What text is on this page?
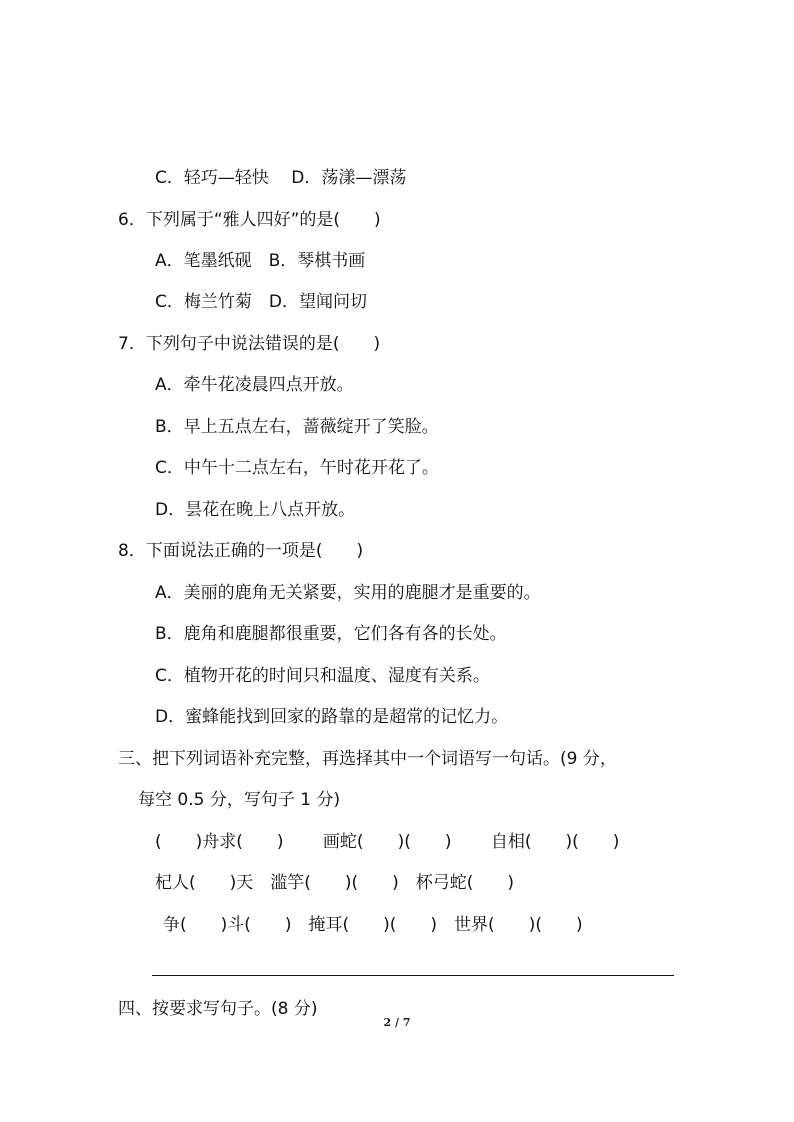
C．轻巧—轻快　 D．荡漾—漂荡
6．下列属于“雅人四好”的是(　　)
A．笔墨纸砚　B．琴棋书画
C．梅兰竹菊　D．望闻问切
7．下列句子中说法错误的是(　　)
A．牵牛花凌晨四点开放。
B．早上五点左右，蔷薇绽开了笑脸。
C．中午十二点左右，午时花开花了。
D．昙花在晚上八点开放。
8．下面说法正确的一项是(　　)
A．美丽的鹿角无关紧要，实用的鹿腿才是重要的。
B．鹿角和鹿腿都很重要，它们各有各的长处。
C．植物开花的时间只和温度、湿度有关系。
D．蜜蜂能找到回家的路靠的是超常的记忆力。
三、把下列词语补充完整，再选择其中一个词语写一句话。(9 分，
每空 0.5 分，写句子 1 分)
(　　)舟求(　　)　 　画蛇(　　)(　　)　　 自相(　　)(　　)
杞人(　　)天　滥竽(　　)(　　)　杯弓蛇(　　)
争(　　)斗(　　)　掩耳(　　)(　　)　世界(　　)(　　)
四、按要求写句子。(8 分)
2 / 7
